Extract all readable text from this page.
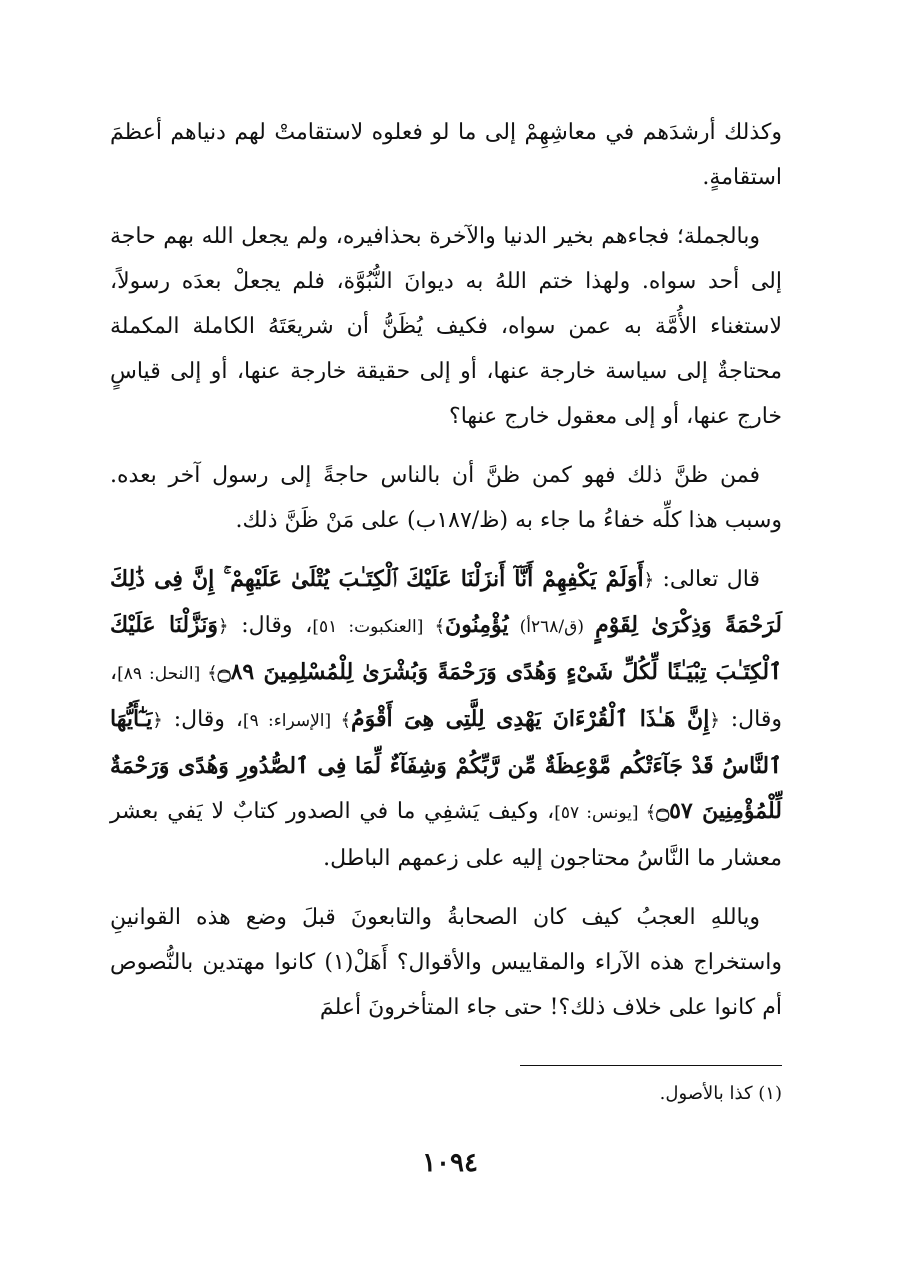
وكذلك أرشدَهم في معاشِهِمْ إلى ما لو فعلوه لاستقامتْ لهم دنياهم أعظمَ استقامةٍ.

وبالجملة؛ فجاءهم بخير الدنيا والآخرة بحذافيره، ولم يجعل الله بهم حاجة إلى أحد سواه. ولهذا ختم اللهُ به ديوانَ النُّبُوَّة، فلم يجعلْ بعدَه رسولاً، لاستغناء الأُمَّة به عمن سواه، فكيف يُظَنُّ أن شريعَتَهُ الكاملة المكملة محتاجةٌ إلى سياسة خارجة عنها، أو إلى حقيقة خارجة عنها، أو إلى قياسٍ خارج عنها، أو إلى معقول خارج عنها؟

فمن ظنَّ ذلك فهو كمن ظنَّ أن بالناس حاجةً إلى رسول آخر بعده. وسبب هذا كلِّه خفاءُ ما جاء به (ظ/١٨٧ب) على مَنْ ظَنَّ ذلك.

قال تعالى: ﴿أَوَلَمْ يَكْفِهِمْ أَنَّآ أَنزَلْنَا عَلَيْكَ ٱلْكِتَـٰبَ يُتْلَىٰ عَلَيْهِمْ ۚ إِنَّ فِى ذَٰلِكَ لَرَحْمَةً وَذِكْرَىٰ لِقَوْمٍ (ق/٢٦٨أ) يُؤْمِنُونَ﴾ [العنكبوت: ٥١]، وقال: ﴿وَنَزَّلْنَا عَلَيْكَ ٱلْكِتَـٰبَ تِبْيَـٰنًا لِّكُلِّ شَىْءٍ وَهُدًى وَرَحْمَةً وَبُشْرَىٰ لِلْمُسْلِمِينَ ۝٨٩﴾ [النحل: ٨٩]، وقال: ﴿إِنَّ هَـٰذَا ٱلْقُرْءَانَ يَهْدِى لِلَّتِى هِىَ أَقْوَمُ﴾ [الإسراء: ٩]، وقال: ﴿يَـٰٓأَيُّهَا ٱلنَّاسُ قَدْ جَآءَتْكُم مَّوْعِظَةٌ مِّن رَّبِّكُمْ وَشِفَآءٌ لِّمَا فِى ٱلصُّدُورِ وَهُدًى وَرَحْمَةٌ لِّلْمُؤْمِنِينَ ۝٥٧﴾ [يونس: ٥٧]، وكيف يَشفِي ما في الصدور كتابٌ لا يَفي بعشر معشار ما النَّاسُ محتاجون إليه على زعمهم الباطل.

وياللهِ العجبُ كيف كان الصحابةُ والتابعونَ قبلَ وضع هذه القوانينِ واستخراج هذه الآراء والمقاييس والأقوال؟ أَهَلْ(١) كانوا مهتدين بالنُّصوص أم كانوا على خلاف ذلك؟! حتى جاء المتأخرونَ أعلمَ

(١) كذا بالأصول.
١٠٩٤
